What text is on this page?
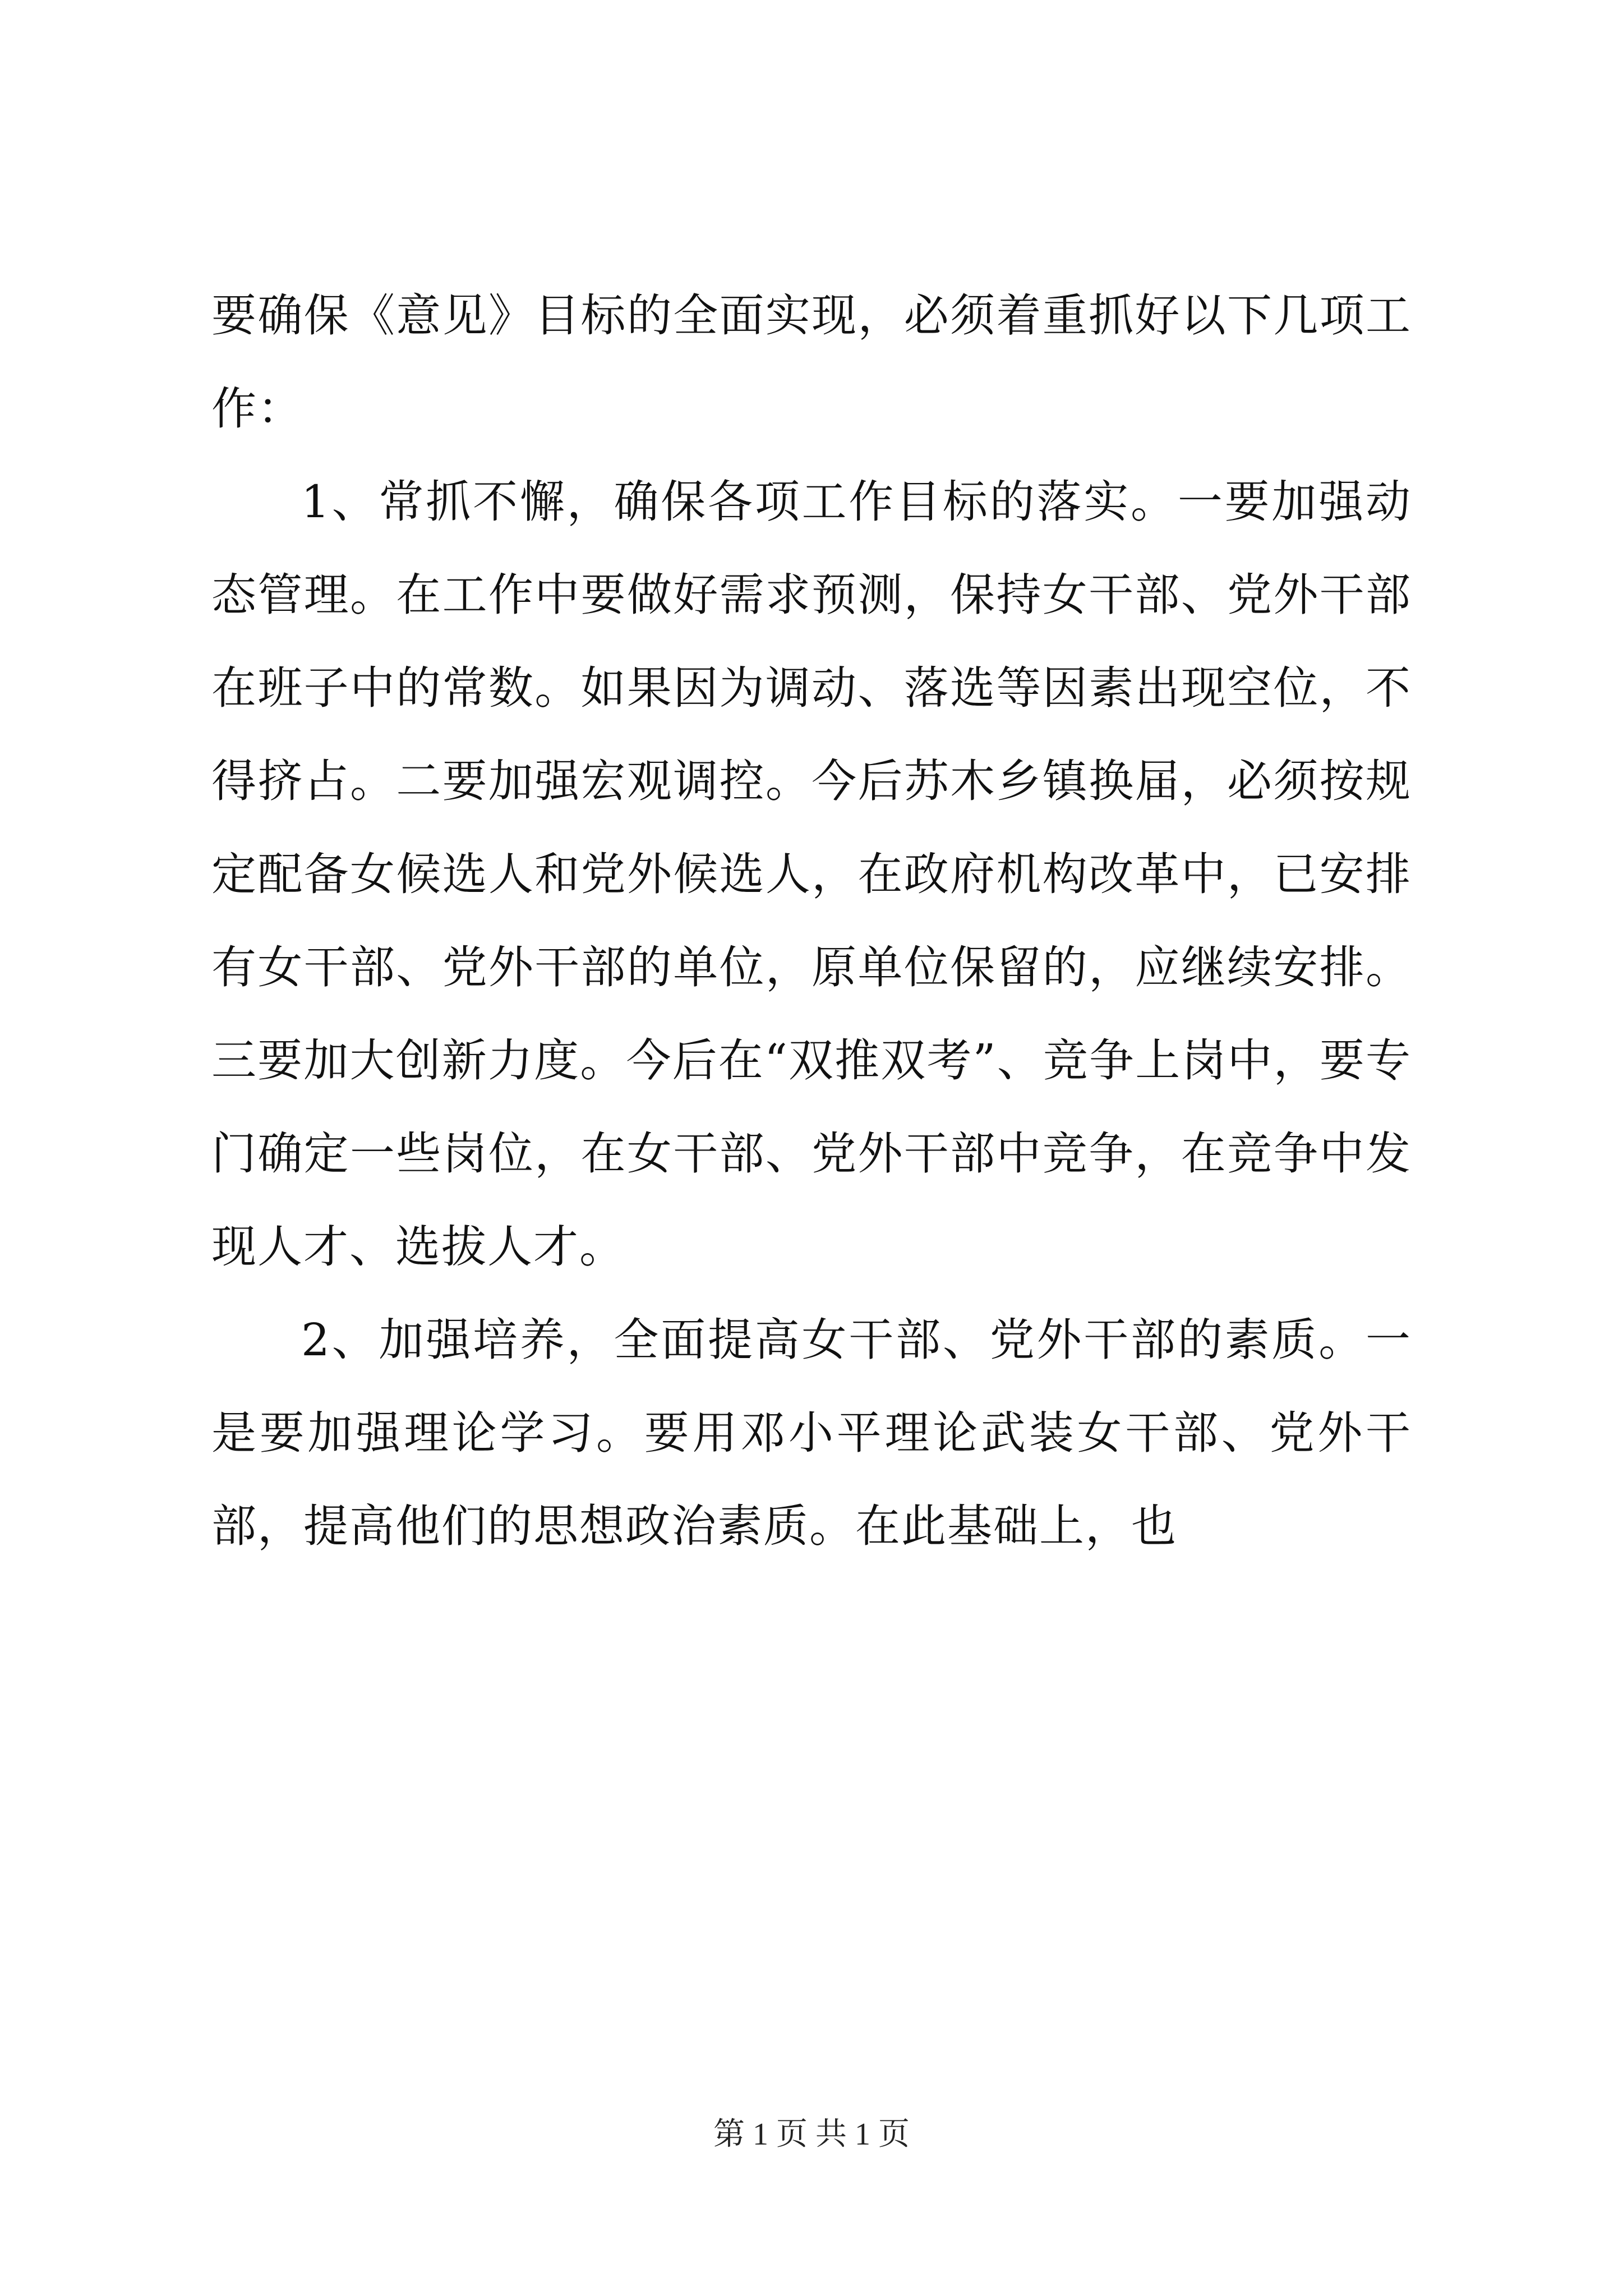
要确保《意见》目标的全面实现，必须着重抓好以下几项工作：

1、常抓不懈，确保各项工作目标的落实。一要加强动态管理。在工作中要做好需求预测，保持女干部、党外干部在班子中的常数。如果因为调动、落选等因素出现空位，不得挤占。二要加强宏观调控。今后苏木乡镇换届，必须按规定配备女候选人和党外候选人，在政府机构改革中，已安排有女干部、党外干部的单位，原单位保留的，应继续安排。三要加大创新力度。今后在“双推双考”、竞争上岗中，要专门确定一些岗位，在女干部、党外干部中竞争，在竞争中发现人才、选拔人才。

2、加强培养，全面提高女干部、党外干部的素质。一是要加强理论学习。要用邓小平理论武装女干部、党外干部，提高他们的思想政治素质。在此基础上，也

第 1 页 共 1 页
